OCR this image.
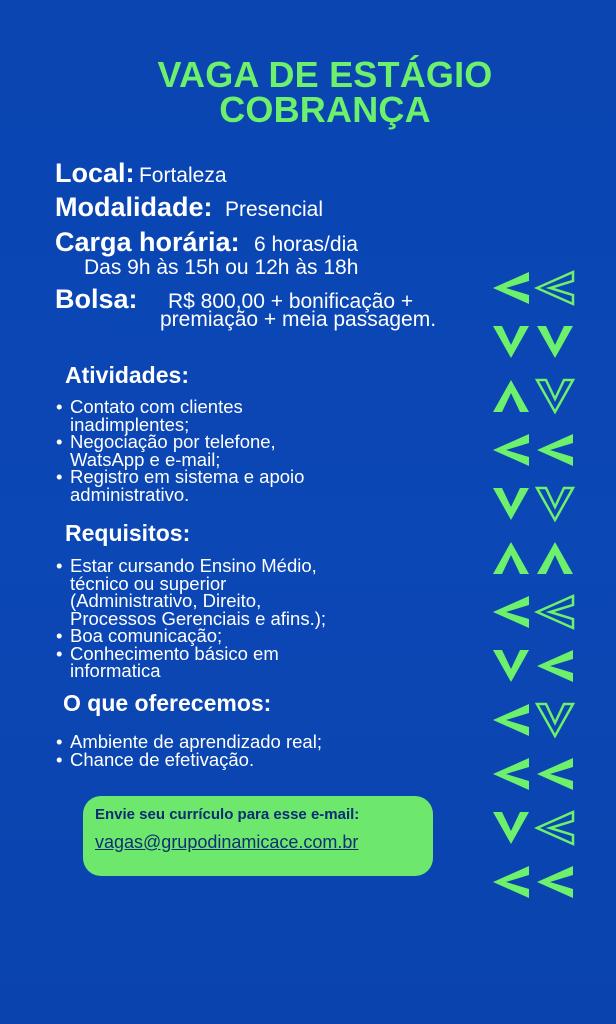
VAGA DE ESTÁGIO
COBRANÇA
Local: Fortaleza
Modalidade: Presencial
Carga horária: 6 horas/dia
Das 9h às 15h ou 12h às 18h
Bolsa: R$ 800,00 + bonificação +
premiação + meia passagem.
Atividades:
• Contato com clientes
inadimplentes;
• Negociação por telefone,
WatsApp e e-mail;
• Registro em sistema e apoio
administrativo.
Requisitos:
• Estar cursando Ensino Médio,
técnico ou superior
(Administrativo, Direito,
Processos Gerenciais e afins.);
• Boa comunicação;
• Conhecimento básico em
informatica
O que oferecemos:
• Ambiente de aprendizado real;
• Chance de efetivação.
Envie seu currículo para esse e-mail:
vagas@grupodinamicace.com.br
